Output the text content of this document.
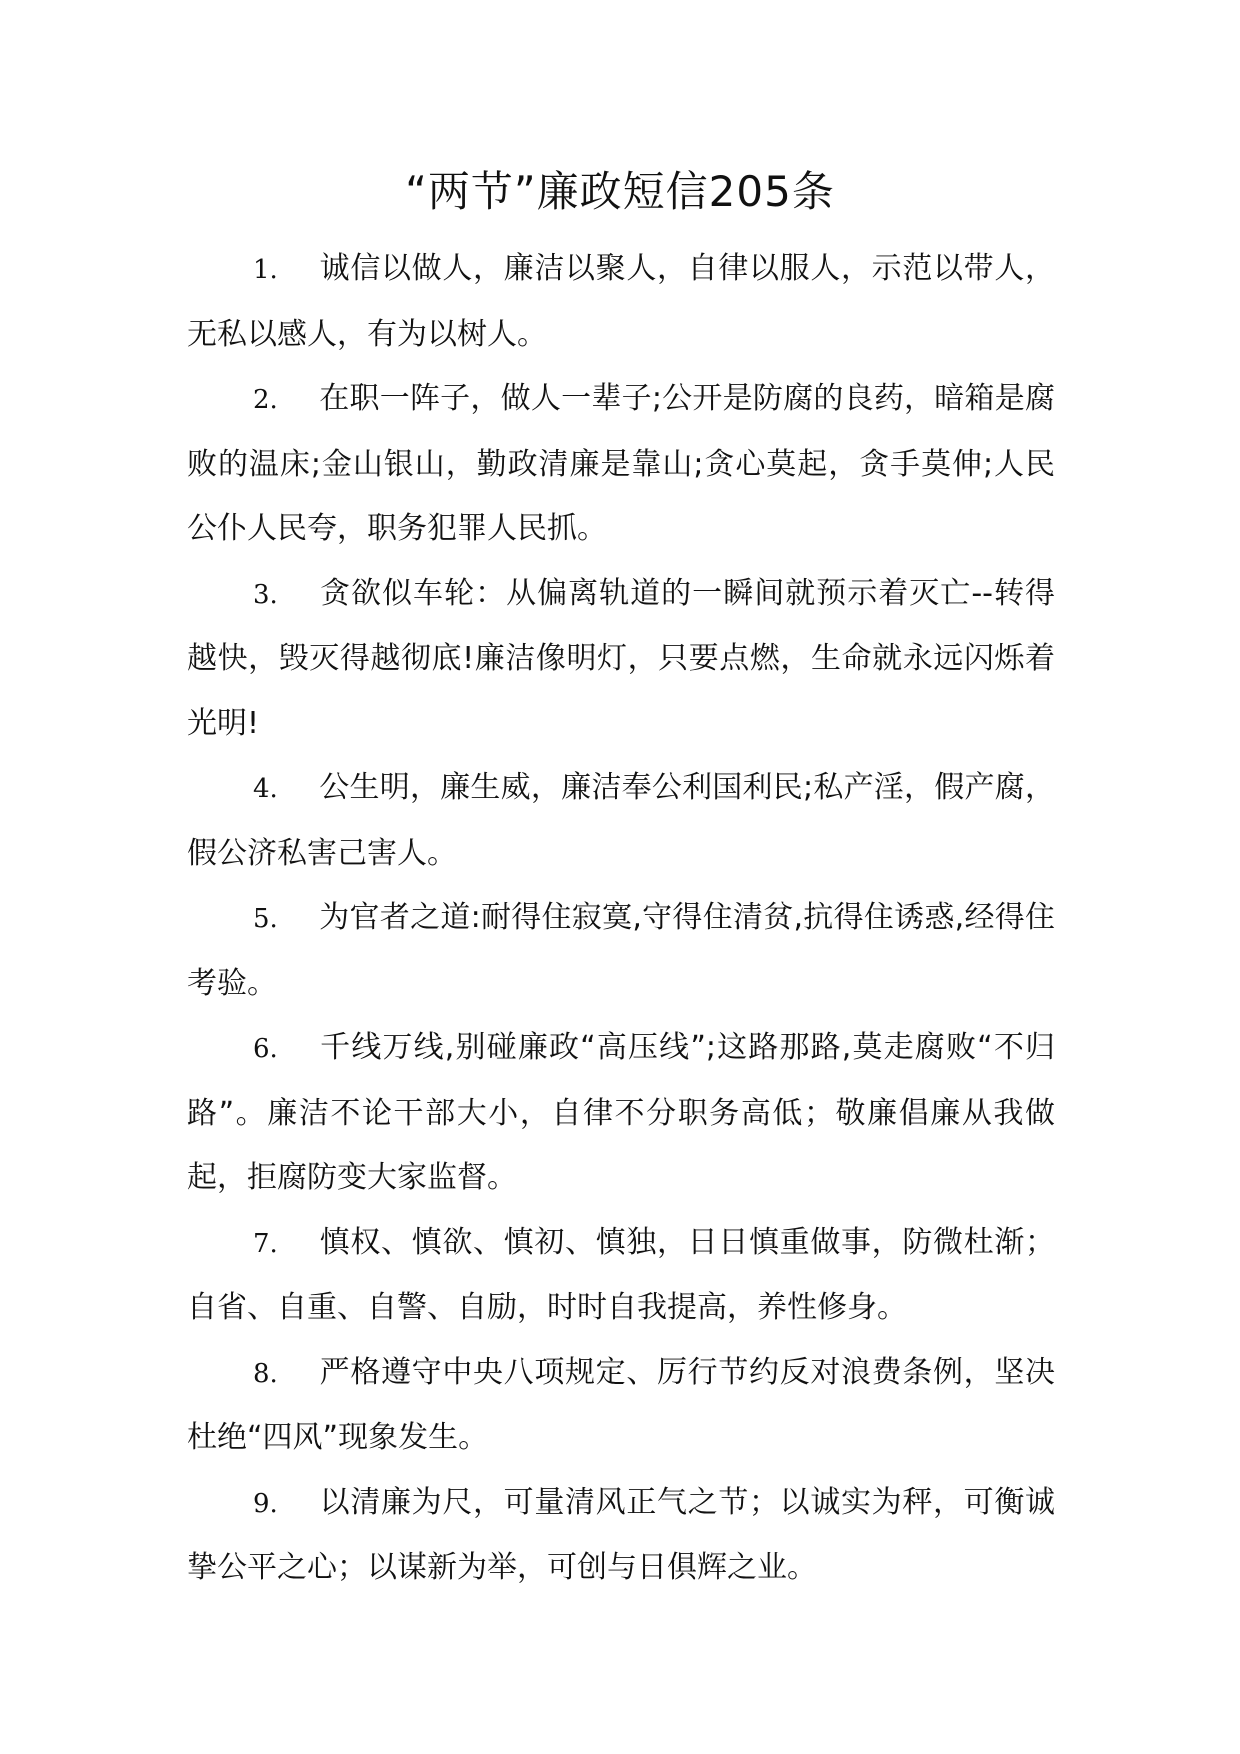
“两节”廉政短信205条
1. 诚信以做人，廉洁以聚人，自律以服人，示范以带人，无私以感人，有为以树人。
2. 在职一阵子，做人一辈子;公开是防腐的良药，暗箱是腐败的温床;金山银山，勤政清廉是靠山;贪心莫起，贪手莫伸;人民公仆人民夸，职务犯罪人民抓。
3. 贪欲似车轮：从偏离轨道的一瞬间就预示着灭亡--转得越快，毁灭得越彻底!廉洁像明灯，只要点燃，生命就永远闪烁着光明!
4. 公生明，廉生威，廉洁奉公利国利民;私产淫，假产腐，假公济私害己害人。
5. 为官者之道:耐得住寂寞,守得住清贫,抗得住诱惑,经得住考验。
6. 千线万线,别碰廉政“高压线”;这路那路,莫走腐败“不归路”。廉洁不论干部大小，自律不分职务高低；敬廉倡廉从我做起，拒腐防变大家监督。
7. 慎权、慎欲、慎初、慎独，日日慎重做事，防微杜渐；自省、自重、自警、自励，时时自我提高，养性修身。
8. 严格遵守中央八项规定、厉行节约反对浪费条例，坚决杜绝“四风”现象发生。
9. 以清廉为尺，可量清风正气之节；以诚实为秤，可衡诚挚公平之心；以谋新为举，可创与日俱辉之业。
